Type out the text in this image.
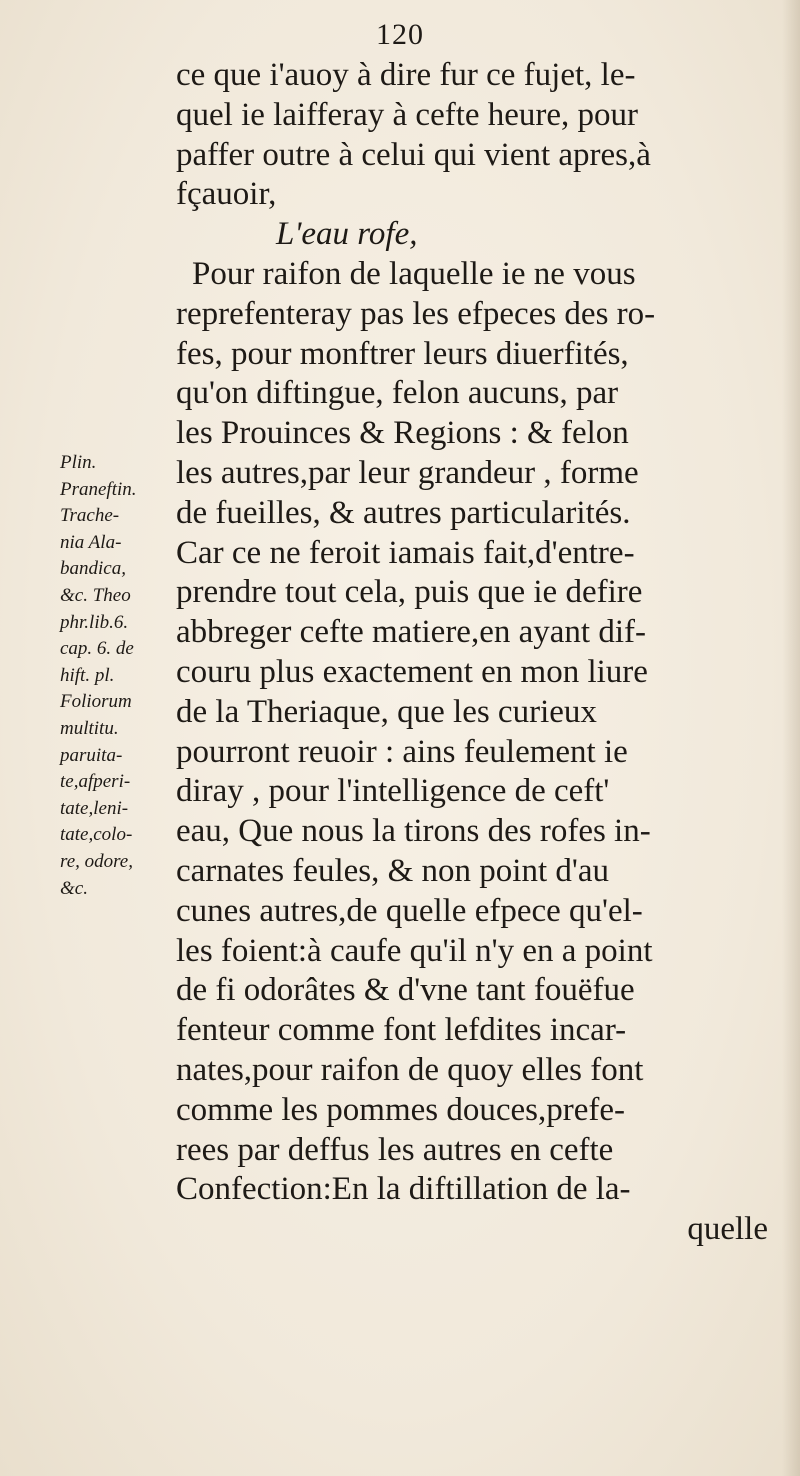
120
ce que i'auoy à dire fur ce fujet, le-
quel ie laifferay à cefte heure, pour
paffer outre à celui qui vient apres,à
fçauoir,
L'eau rofe,
Pour raifon de laquelle ie ne vous
reprefenteray pas les efpeces des ro-
fes, pour monftrer leurs diuerfités,
qu'on diftingue, felon aucuns, par
les Prouinces & Regions : & felon
les autres,par leur grandeur , forme
de fueilles, & autres particularités.
Car ce ne feroit iamais fait,d'entre-
prendre tout cela, puis que ie defire
abbreger cefte matiere,en ayant dif-
couru plus exactement en mon liure
de la Theriaque, que les curieux
pourront reuoir : ains feulement ie
diray , pour l'intelligence de ceft'
eau, Que nous la tirons des rofes in-
carnates feules, & non point d'au
cunes autres,de quelle efpece qu'el-
les foient:à caufe qu'il n'y en a point
de fi odorâtes & d'vne tant fouëfue
fenteur comme font lefdites incar-
nates,pour raifon de quoy elles font
comme les pommes douces,prefe-
rees par deffus les autres en cefte
Confection:En la diftillation de la-
quelle
Plin.
Praneftin.
Trache-
nia Ala-
bandica,
&c. Theo
phr.lib.6.
cap. 6. de
hift. pl.
Foliorum
multitu.
paruita-
te,afperi-
tate,leni-
tate,colo-
re, odore,
&c.
